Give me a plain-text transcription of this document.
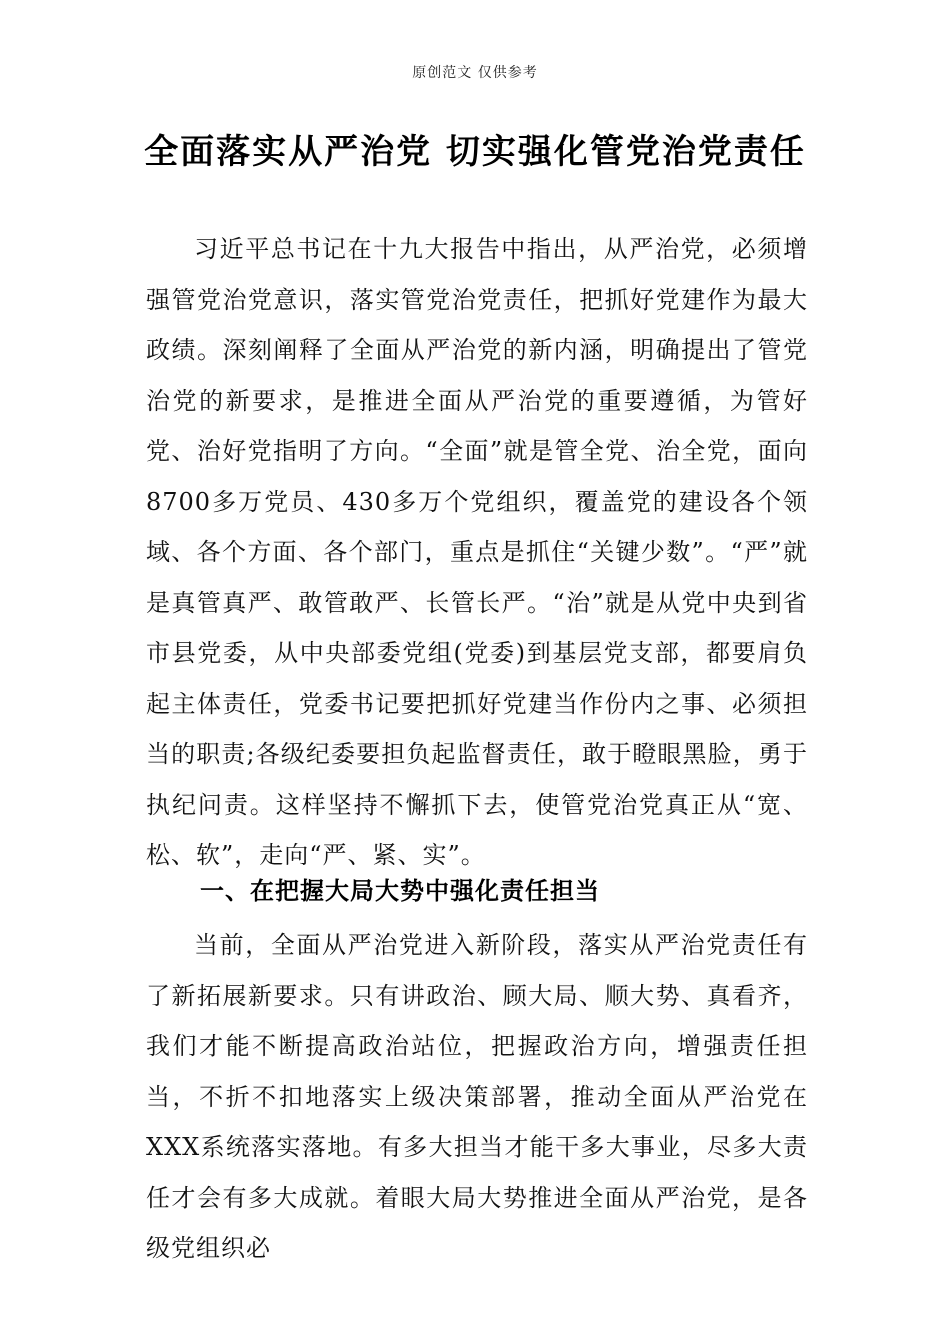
原创范文 仅供参考
全面落实从严治党 切实强化管党治党责任

习近平总书记在十九大报告中指出，从严治党，必须增强管党治党意识，落实管党治党责任，把抓好党建作为最大政绩。深刻阐释了全面从严治党的新内涵，明确提出了管党治党的新要求，是推进全面从严治党的重要遵循，为管好党、治好党指明了方向。“全面”就是管全党、治全党，面向8700多万党员、430多万个党组织，覆盖党的建设各个领域、各个方面、各个部门，重点是抓住“关键少数”。“严”就是真管真严、敢管敢严、长管长严。“治”就是从党中央到省市县党委，从中央部委党组(党委)到基层党支部，都要肩负起主体责任，党委书记要把抓好党建当作份内之事、必须担当的职责;各级纪委要担负起监督责任，敢于瞪眼黑脸，勇于执纪问责。这样坚持不懈抓下去，使管党治党真正从“宽、松、软”，走向“严、紧、实”。

一、在把握大局大势中强化责任担当

当前，全面从严治党进入新阶段，落实从严治党责任有了新拓展新要求。只有讲政治、顾大局、顺大势、真看齐，我们才能不断提高政治站位，把握政治方向，增强责任担当，不折不扣地落实上级决策部署，推动全面从严治党在XXX系统落实落地。有多大担当才能干多大事业，尽多大责任才会有多大成就。着眼大局大势推进全面从严治党，是各级党组织必
